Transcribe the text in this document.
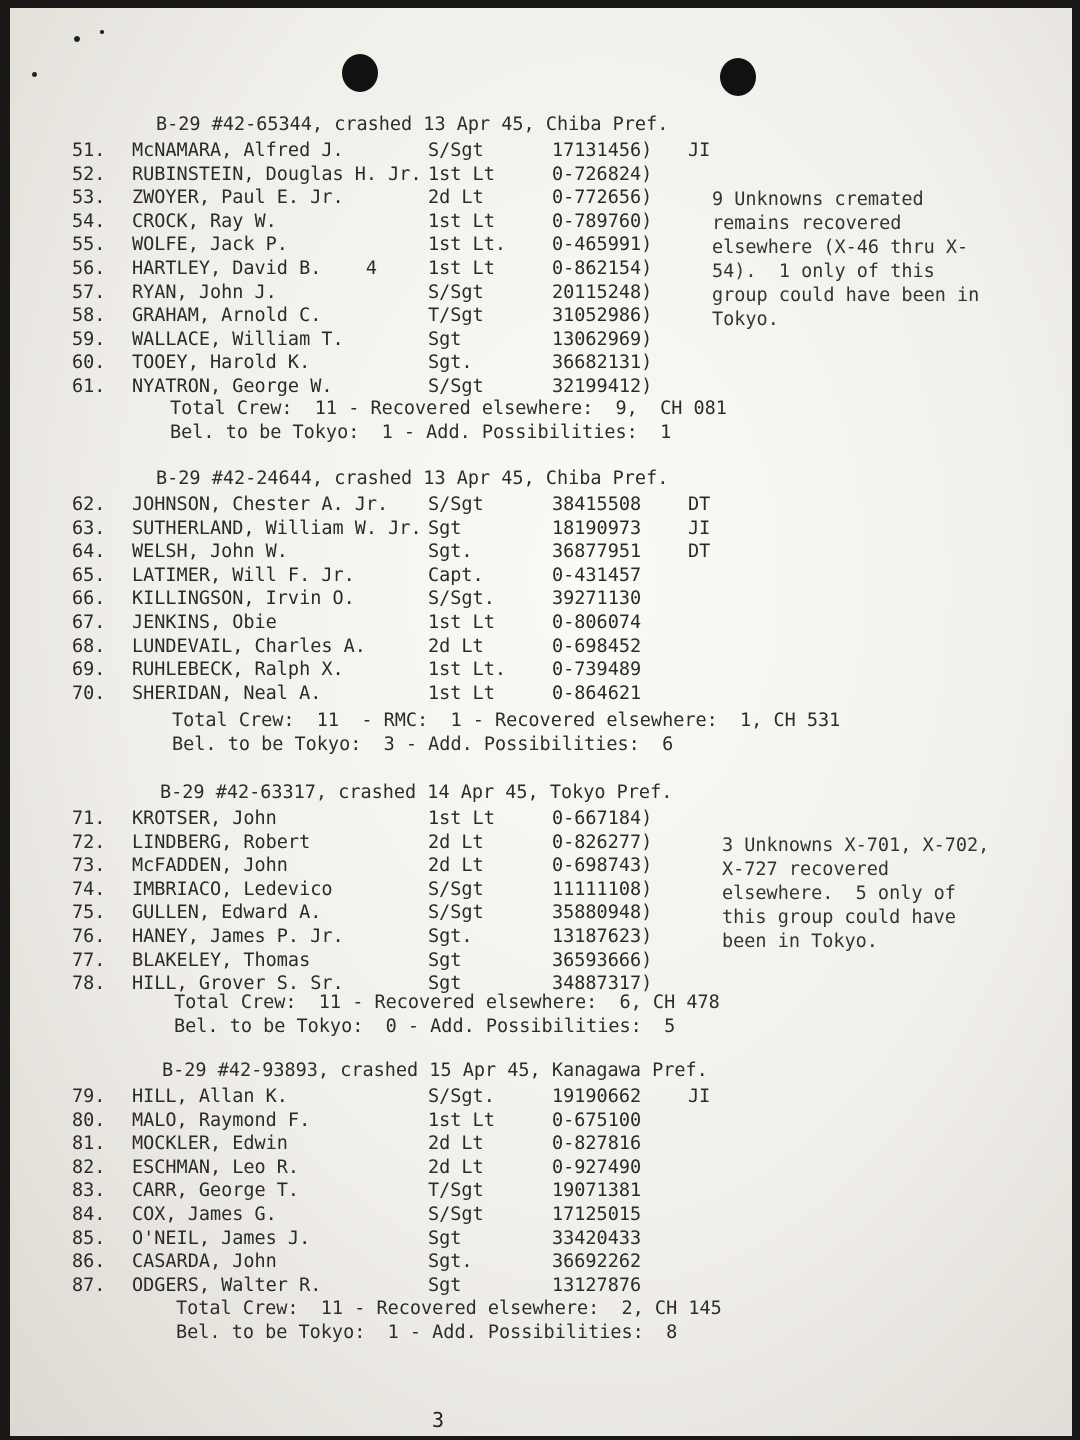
B-29 #42-65344, crashed 13 Apr 45, Chiba Pref.
51. McNAMARA, Alfred J.	S/Sgt	17131456) JI
52. RUBINSTEIN, Douglas H. Jr. 1st Lt	0-726824)
53. ZWOYER, Paul E. Jr.	2d Lt	0-772656)
54. CROCK, Ray W.	1st Lt	0-789760)
55. WOLFE, Jack P.	1st Lt. 0-465991)
56. HARTLEY, David B.    4	1st Lt	0-862154)
57. RYAN, John J.	S/Sgt	20115248)
58. GRAHAM, Arnold C.	T/Sgt	31052986)
59. WALLACE, William T.	Sgt	13062969)
60. TOOEY, Harold K.	Sgt.	36682131)
61. NYATRON, George W.	S/Sgt	32199412)
Total Crew:  11 - Recovered elsewhere:  9,  CH 081
Bel. to be Tokyo:  1 - Add. Possibilities:  1
9 Unknowns cremated remains recovered elsewhere (X-46 thru X-54).  1 only of this group could have been in Tokyo.
B-29 #42-24644, crashed 13 Apr 45, Chiba Pref.
62. JOHNSON, Chester A. Jr. S/Sgt	38415508	DT
63. SUTHERLAND, William W. Jr. Sgt	18190973	JI
64. WELSH, John W.	Sgt.	36877951	DT
65. LATIMER, Will F. Jr.	Capt.	0-431457
66. KILLINGSON, Irvin O.	S/Sgt.	39271130
67. JENKINS, Obie	1st Lt	0-806074
68. LUNDEVAIL, Charles A.	2d Lt	0-698452
69. RUHLEBECK, Ralph X.	1st Lt. 0-739489
70. SHERIDAN, Neal A.	1st Lt	0-864621
Total Crew:  11  - RMC:  1 - Recovered elsewhere:  1, CH 531
Bel. to be Tokyo:  3 - Add. Possibilities:  6
B-29 #42-63317, crashed 14 Apr 45, Tokyo Pref.
71. KROTSER, John	1st Lt	0-667184)
72. LINDBERG, Robert	2d Lt	0-826277)
73. McFADDEN, John	2d Lt	0-698743)
74. IMBRIACO, Ledevico	S/Sgt	11111108)
75. GULLEN, Edward A.	S/Sgt	35880948)
76. HANEY, James P. Jr.	Sgt.	13187623)
77. BLAKELEY, Thomas	Sgt	36593666)
78. HILL, Grover S. Sr.	Sgt	34887317)
Total Crew:  11 - Recovered elsewhere:  6, CH 478
Bel. to be Tokyo:  0 - Add. Possibilities:  5
3 Unknowns X-701, X-702, X-727 recovered elsewhere.  5 only of this group could have been in Tokyo.
B-29 #42-93893, crashed 15 Apr 45, Kanagawa Pref.
79. HILL, Allan K.	S/Sgt.	19190662	JI
80. MALO, Raymond F.	1st Lt	0-675100
81. MOCKLER, Edwin	2d Lt	0-827816
82. ESCHMAN, Leo R.	2d Lt	0-927490
83. CARR, George T.	T/Sgt	19071381
84. COX, James G.	S/Sgt	17125015
85. O'NEIL, James J.	Sgt	33420433
86. CASARDA, John	Sgt.	36692262
87. ODGERS, Walter R.	Sgt	13127876
Total Crew:  11 - Recovered elsewhere:  2, CH 145
Bel. to be Tokyo:  1 - Add. Possibilities:  8
3
